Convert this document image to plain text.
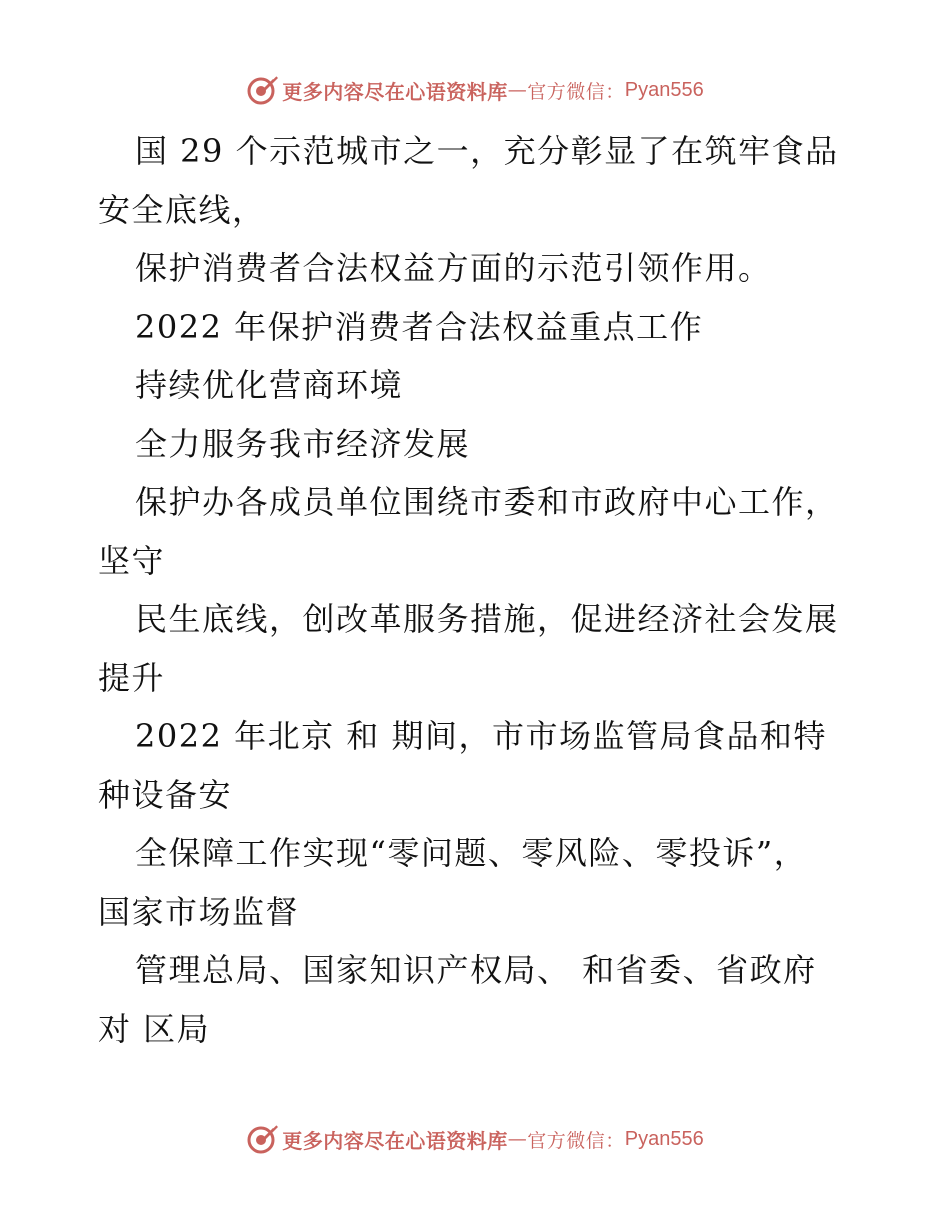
更多内容尽在心语资料库 — 官方微信： Pyan556

国 29 个示范城市之一，充分彰显了在筑牢食品

安全底线，

保护消费者合法权益方面的示范引领作用。

2022 年保护消费者合法权益重点工作

持续优化营商环境

全力服务我市经济发展

保护办各成员单位围绕市委和市政府中心工作，

坚守

民生底线，创改革服务措施，促进经济社会发展

提升

2022 年北京 和 期间，市市场监管局食品和特

种设备安

全保障工作实现“零问题、零风险、零投诉”，

国家市场监督

管理总局、国家知识产权局、 和省委、省政府

对 区局

更多内容尽在心语资料库 — 官方微信： Pyan556
